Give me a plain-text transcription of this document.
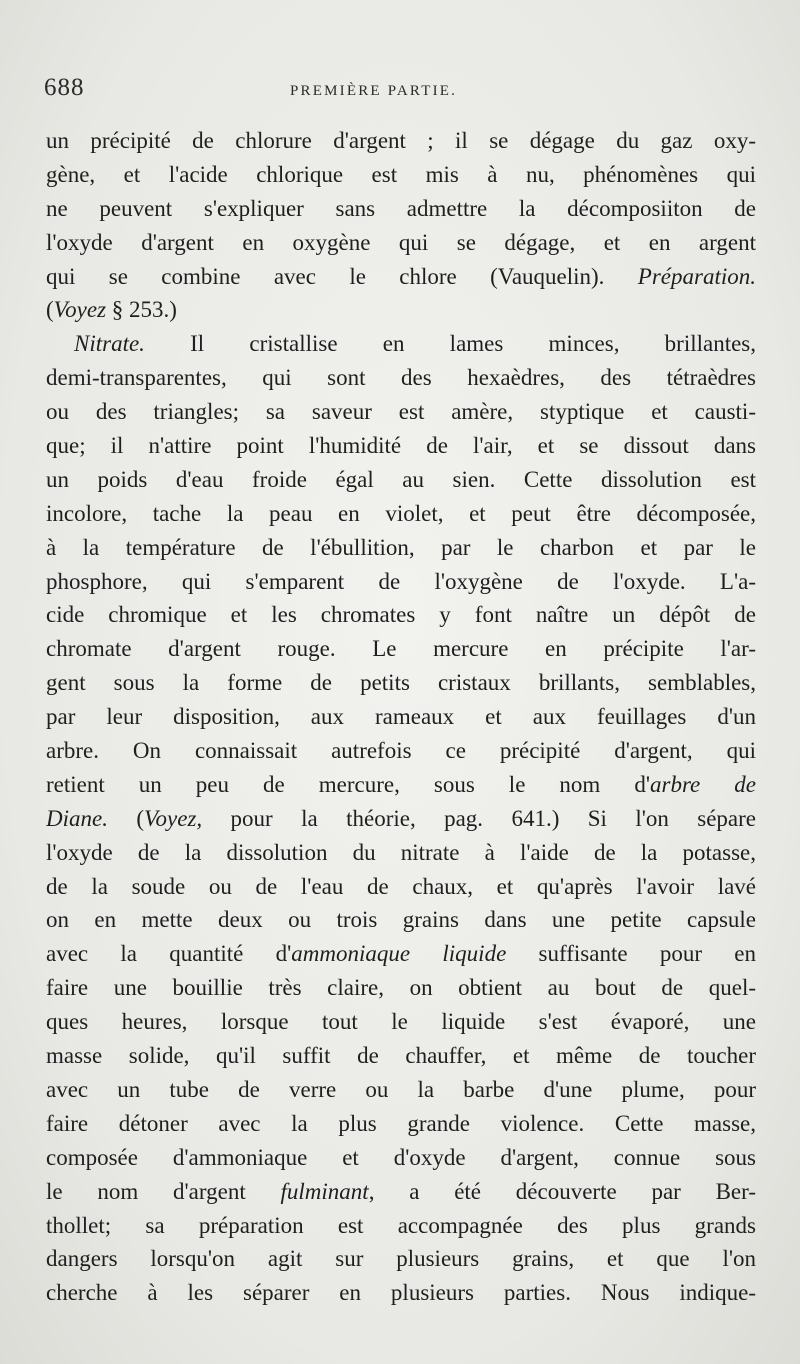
688	PREMIÈRE PARTIE.
un précipité de chlorure d'argent ; il se dégage du gaz oxy-
gène, et l'acide chlorique est mis à nu, phénomènes qui
ne peuvent s'expliquer sans admettre la décomposiiton de
l'oxyde d'argent en oxygène qui se dégage, et en argent
qui se combine avec le chlore (Vauquelin). Préparation.
(Voyez § 253.)
Nitrate. Il cristallise en lames minces, brillantes,
demi-transparentes, qui sont des hexaèdres, des tétraèdres
ou des triangles; sa saveur est amère, styptique et causti-
que; il n'attire point l'humidité de l'air, et se dissout dans
un poids d'eau froide égal au sien. Cette dissolution est
incolore, tache la peau en violet, et peut être décomposée,
à la température de l'ébullition, par le charbon et par le
phosphore, qui s'emparent de l'oxygène de l'oxyde. L'a-
cide chromique et les chromates y font naître un dépôt de
chromate d'argent rouge. Le mercure en précipite l'ar-
gent sous la forme de petits cristaux brillants, semblables,
par leur disposition, aux rameaux et aux feuillages d'un
arbre. On connaissait autrefois ce précipité d'argent, qui
retient un peu de mercure, sous le nom d'arbre de
Diane. (Voyez, pour la théorie, pag. 641.) Si l'on sépare
l'oxyde de la dissolution du nitrate à l'aide de la potasse,
de la soude ou de l'eau de chaux, et qu'après l'avoir lavé
on en mette deux ou trois grains dans une petite capsule
avec la quantité d'ammoniaque liquide suffisante pour en
faire une bouillie très claire, on obtient au bout de quel-
ques heures, lorsque tout le liquide s'est évaporé, une
masse solide, qu'il suffit de chauffer, et même de toucher
avec un tube de verre ou la barbe d'une plume, pour
faire détoner avec la plus grande violence. Cette masse,
composée d'ammoniaque et d'oxyde d'argent, connue sous
le nom d'argent fulminant, a été découverte par Ber-
thollet; sa préparation est accompagnée des plus grands
dangers lorsqu'on agit sur plusieurs grains, et que l'on
cherche à les séparer en plusieurs parties. Nous indique-
